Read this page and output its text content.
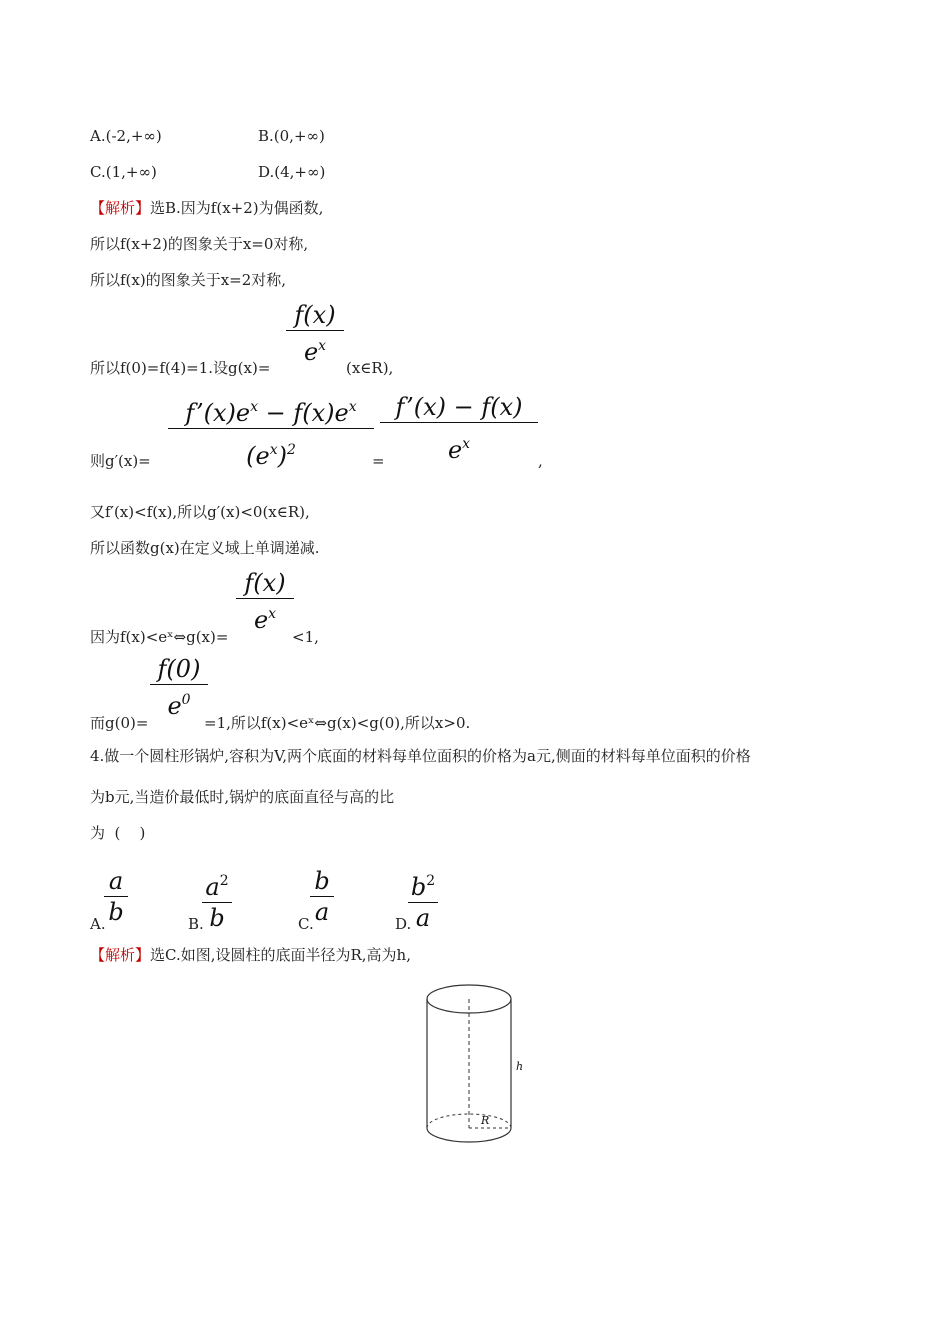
A.(-2,+∞)	B.(0,+∞)
C.(1,+∞)	D.(4,+∞)
【解析】选B.因为f(x+2)为偶函数,
所以f(x+2)的图象关于x=0对称,
所以f(x)的图象关于x=2对称,
f(x)
$e^x$
所以f(0)=f(4)=1.设g(x)=	(x∈R),
$f’(x)e^x - f(x)e^x$
$(e^x)^2$
f’(x) − f(x)
$e^x$
则g′(x)=	=	,
又f′(x)<f(x),所以g′(x)<0(x∈R),
所以函数g(x)在定义域上单调递减.
f(x)
$e^x$
因为f(x)<eˣ⇔g(x)=	<1,
f(0)
$e^0$
而g(0)=	=1,所以f(x)<eˣ⇔g(x)<g(0),所以x>0.
4.做一个圆柱形锅炉,容积为V,两个底面的材料每单位面积的价格为a元,侧面的材料每单位面积的价格
为b元,当造价最低时,锅炉的底面直径与高的比
为  (    )
A.
a
b	B.
$a^2$
b	C.
b
a	D.
$b^2$
a
【解析】选C.如图,设圆柱的底面半径为R,高为h,
h
R
